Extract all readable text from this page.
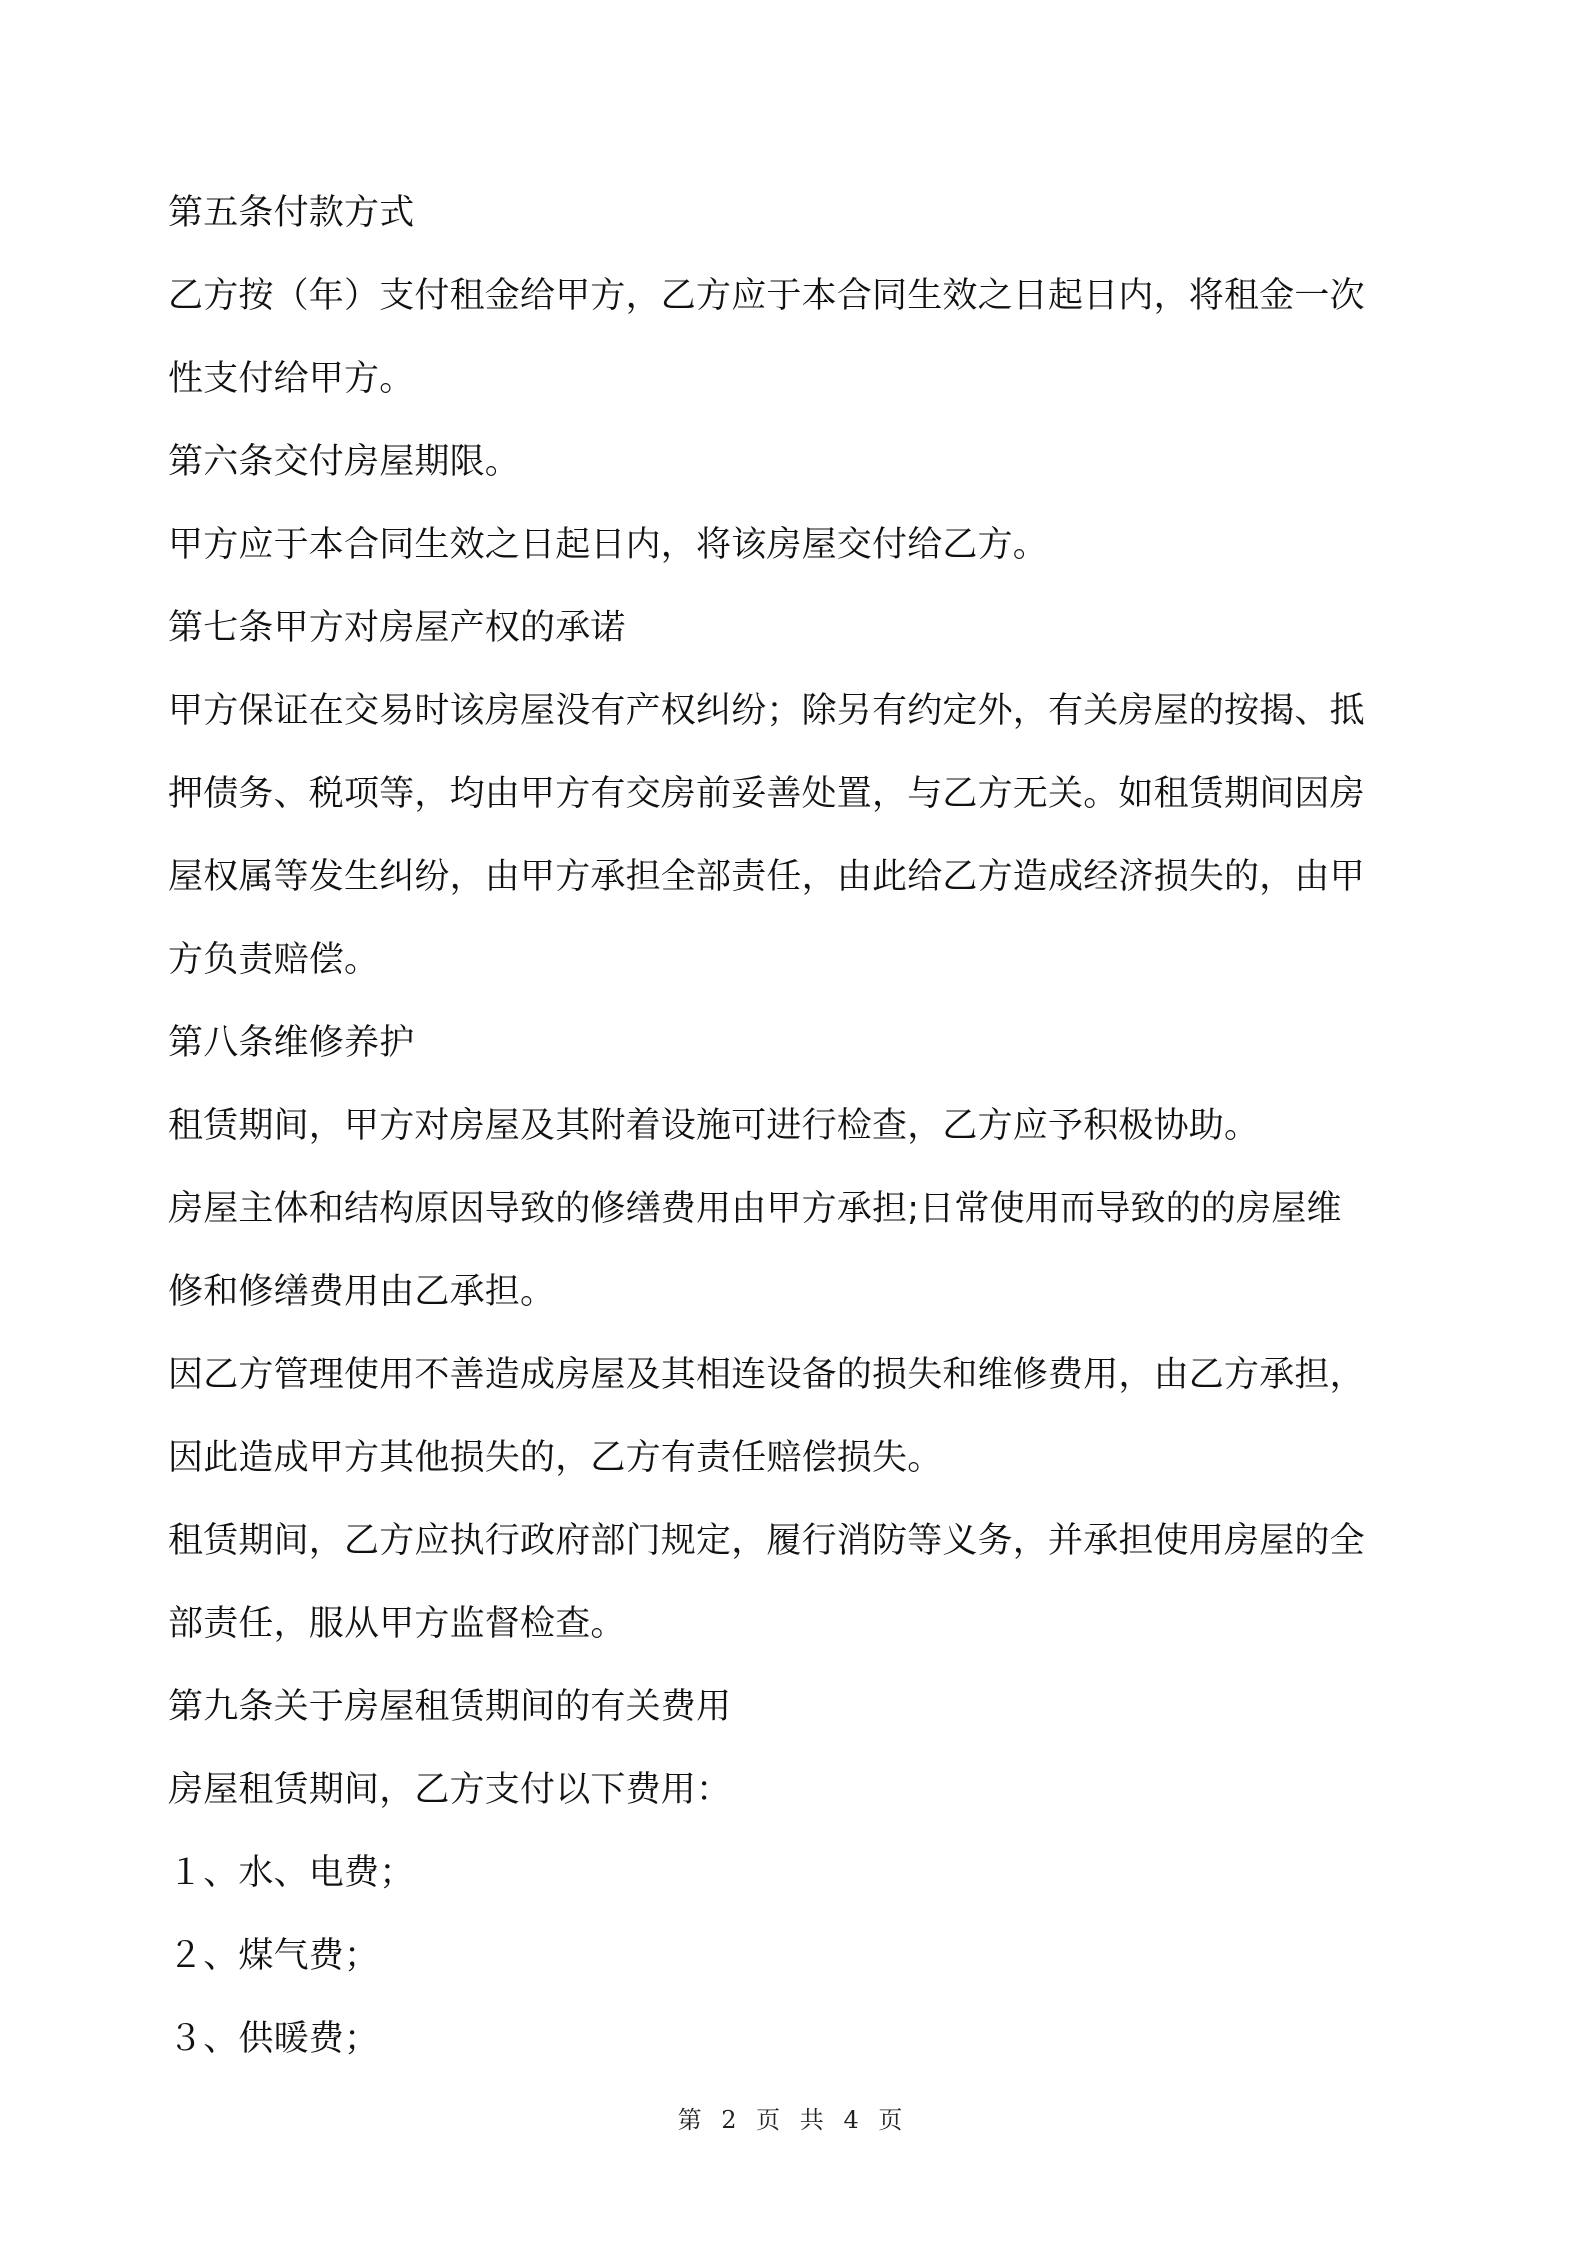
第五条付款方式
乙方按（年）支付租金给甲方，乙方应于本合同生效之日起日内，将租金一次
性支付给甲方。
第六条交付房屋期限。
甲方应于本合同生效之日起日内，将该房屋交付给乙方。
第七条甲方对房屋产权的承诺
甲方保证在交易时该房屋没有产权纠纷；除另有约定外，有关房屋的按揭、抵
押债务、税项等，均由甲方有交房前妥善处置，与乙方无关。如租赁期间因房
屋权属等发生纠纷，由甲方承担全部责任，由此给乙方造成经济损失的，由甲
方负责赔偿。
第八条维修养护
租赁期间，甲方对房屋及其附着设施可进行检查，乙方应予积极协助。
房屋主体和结构原因导致的修缮费用由甲方承担;日常使用而导致的的房屋维
修和修缮费用由乙承担。
因乙方管理使用不善造成房屋及其相连设备的损失和维修费用，由乙方承担，
因此造成甲方其他损失的，乙方有责任赔偿损失。
租赁期间，乙方应执行政府部门规定，履行消防等义务，并承担使用房屋的全
部责任，服从甲方监督检查。
第九条关于房屋租赁期间的有关费用
房屋租赁期间，乙方支付以下费用：
１、水、电费；
２、煤气费；
３、供暖费；
第 2 页 共 4 页
